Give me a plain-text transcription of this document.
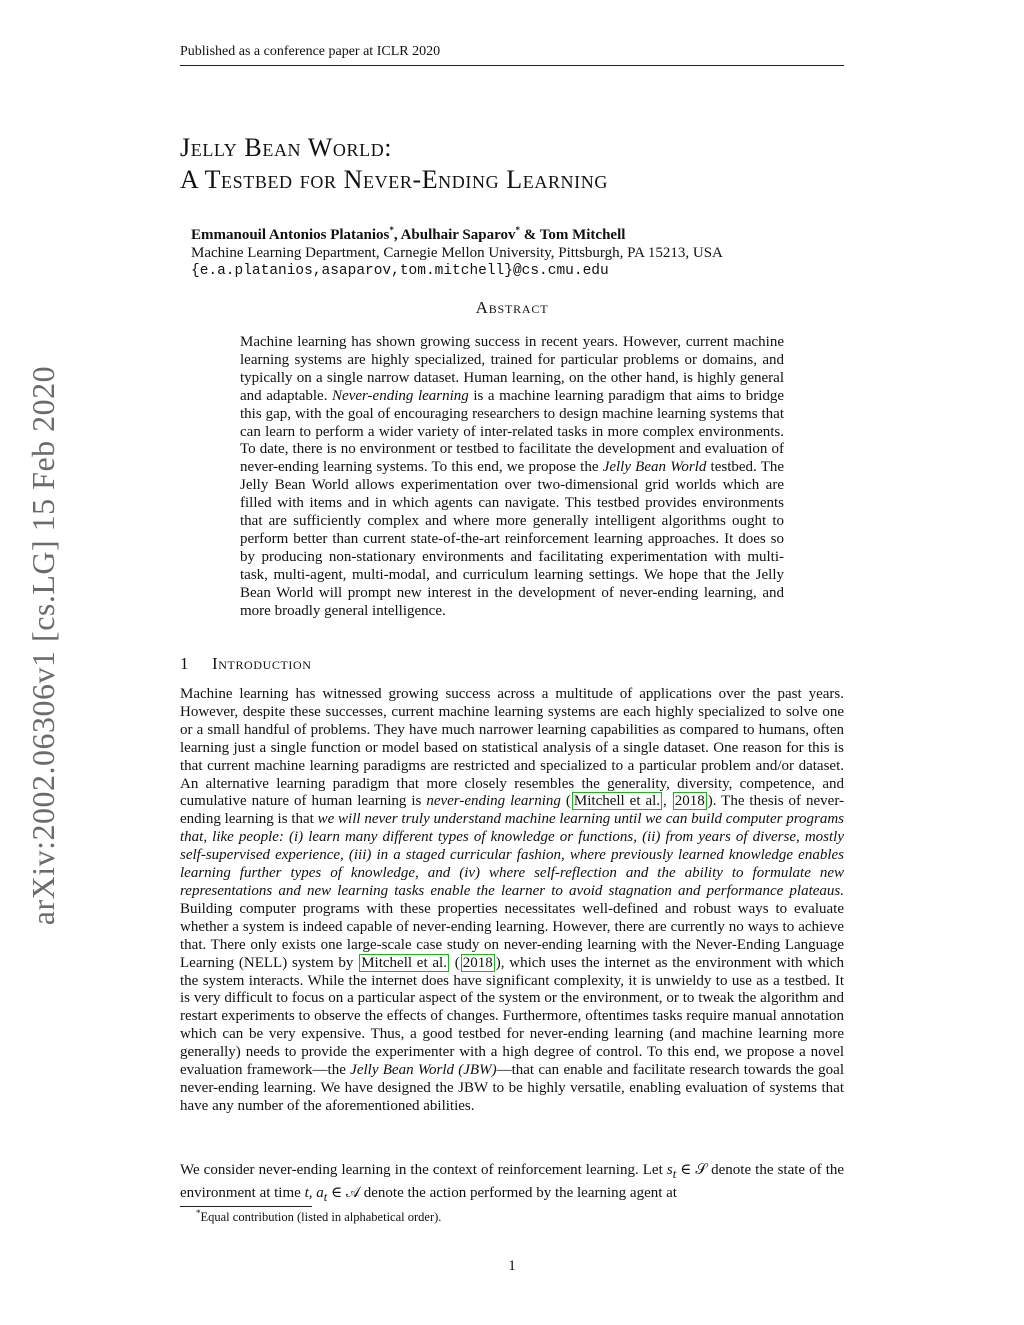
Published as a conference paper at ICLR 2020
arXiv:2002.06306v1 [cs.LG] 15 Feb 2020
Jelly Bean World:
A Testbed for Never-Ending Learning
Emmanouil Antonios Platanios*, Abulhair Saparov* & Tom Mitchell
Machine Learning Department, Carnegie Mellon University, Pittsburgh, PA 15213, USA
{e.a.platanios,asaparov,tom.mitchell}@cs.cmu.edu
Abstract
Machine learning has shown growing success in recent years. However, current machine learning systems are highly specialized, trained for particular problems or domains, and typically on a single narrow dataset. Human learning, on the other hand, is highly general and adaptable. Never-ending learning is a machine learning paradigm that aims to bridge this gap, with the goal of encouraging researchers to design machine learning systems that can learn to perform a wider variety of inter-related tasks in more complex environments. To date, there is no environment or testbed to facilitate the development and evaluation of never-ending learning systems. To this end, we propose the Jelly Bean World testbed. The Jelly Bean World allows experimentation over two-dimensional grid worlds which are filled with items and in which agents can navigate. This testbed provides environments that are sufficiently complex and where more generally intelligent algorithms ought to perform better than current state-of-the-art reinforcement learning approaches. It does so by producing non-stationary environments and facilitating experimentation with multi-task, multi-agent, multi-modal, and curriculum learning settings. We hope that the Jelly Bean World will prompt new interest in the development of never-ending learning, and more broadly general intelligence.
1 Introduction
Machine learning has witnessed growing success across a multitude of applications over the past years. However, despite these successes, current machine learning systems are each highly specialized to solve one or a small handful of problems. They have much narrower learning capabilities as compared to humans, often learning just a single function or model based on statistical analysis of a single dataset. One reason for this is that current machine learning paradigms are restricted and specialized to a particular problem and/or dataset. An alternative learning paradigm that more closely resembles the generality, diversity, competence, and cumulative nature of human learning is never-ending learning ( Mitchell et al. , 2018 ). The thesis of never-ending learning is that we will never truly understand machine learning until we can build computer programs that, like people: (i) learn many different types of knowledge or functions, (ii) from years of diverse, mostly self-supervised experience, (iii) in a staged curricular fashion, where previously learned knowledge enables learning further types of knowledge, and (iv) where self-reflection and the ability to formulate new representations and new learning tasks enable the learner to avoid stagnation and performance plateaus. Building computer programs with these properties necessitates well-defined and robust ways to evaluate whether a system is indeed capable of never-ending learning. However, there are currently no ways to achieve that. There only exists one large-scale case study on never-ending learning with the Never-Ending Language Learning (NELL) system by Mitchell et al. ( 2018 ), which uses the internet as the environment with which the system interacts. While the internet does have significant complexity, it is unwieldy to use as a testbed. It is very difficult to focus on a particular aspect of the system or the environment, or to tweak the algorithm and restart experiments to observe the effects of changes. Furthermore, oftentimes tasks require manual annotation which can be very expensive. Thus, a good testbed for never-ending learning (and machine learning more generally) needs to provide the experimenter with a high degree of control. To this end, we propose a novel evaluation framework—the Jelly Bean World (JBW)—that can enable and facilitate research towards the goal never-ending learning. We have designed the JBW to be highly versatile, enabling evaluation of systems that have any number of the aforementioned abilities.
We consider never-ending learning in the context of reinforcement learning. Let $s_t$ ∈ 𝒮 denote the state of the environment at time t, $a_t$ ∈ 𝒜 denote the action performed by the learning agent at
*Equal contribution (listed in alphabetical order).
1
